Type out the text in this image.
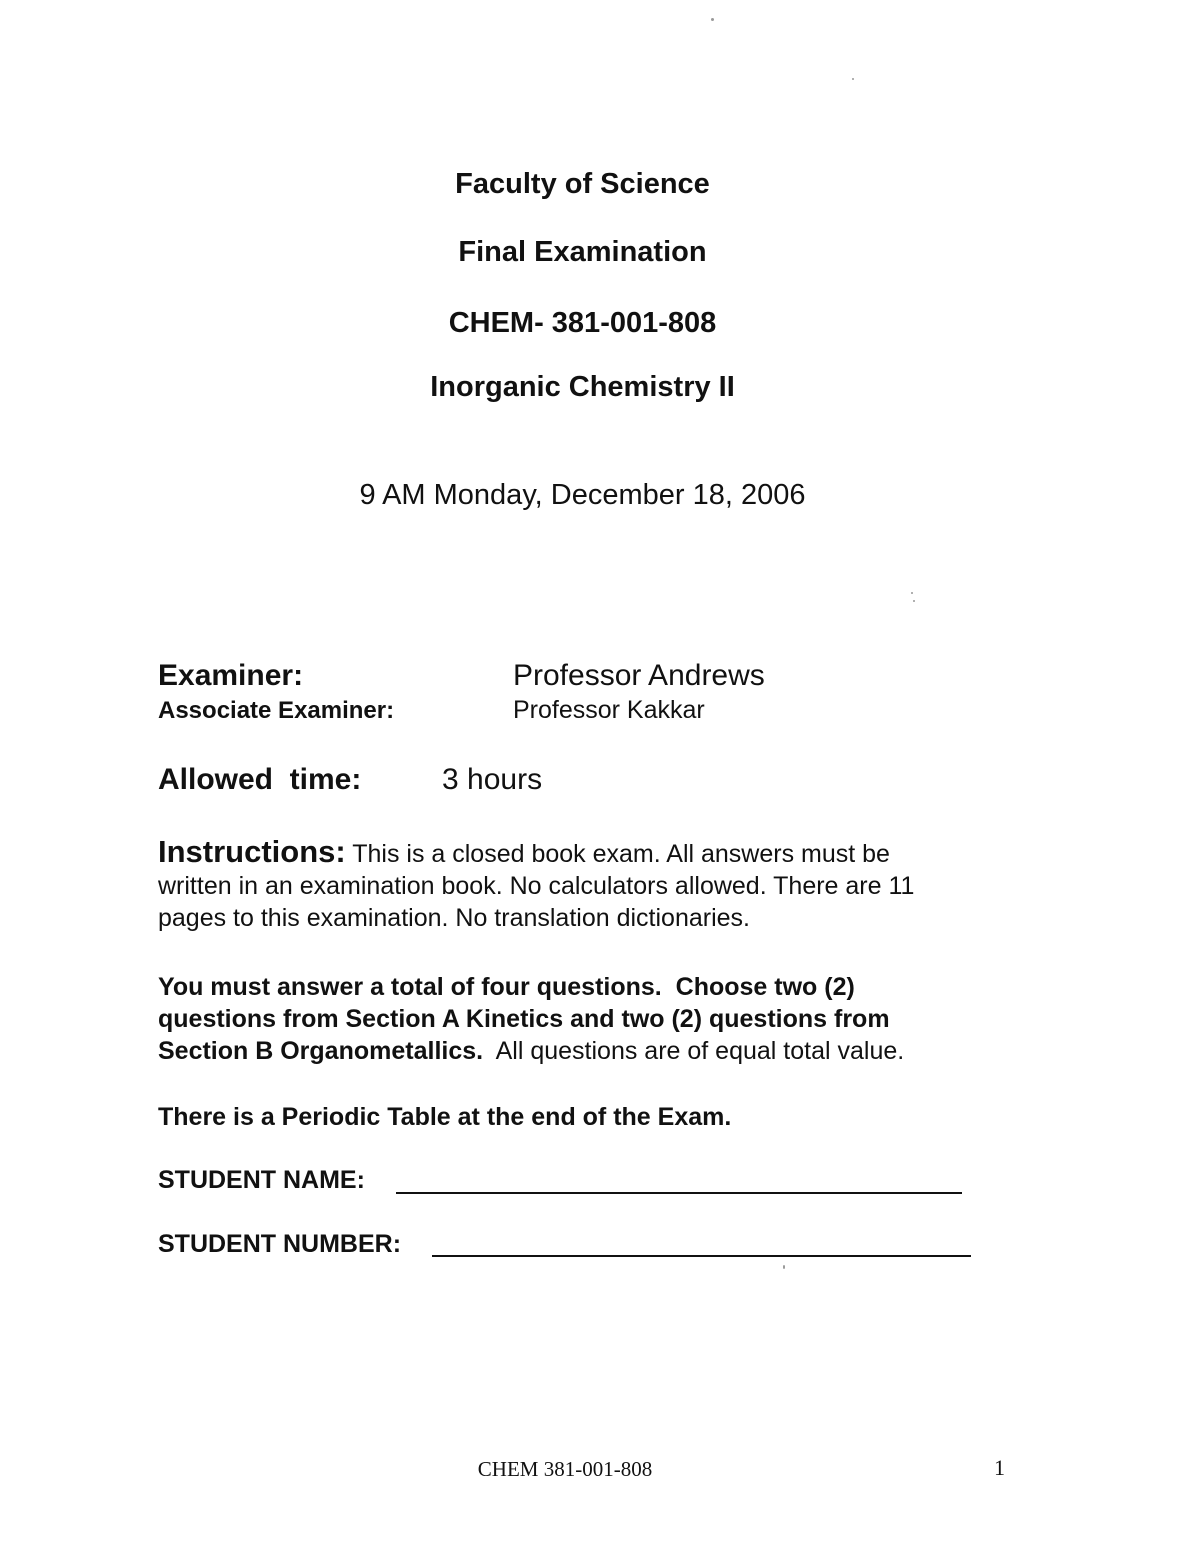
Faculty of Science
Final Examination
CHEM- 381-001-808
Inorganic Chemistry II
9 AM Monday, December 18, 2006
Examiner:	Professor Andrews
Associate Examiner:	Professor Kakkar
Allowed  time:	3 hours
Instructions: This is a closed book exam. All answers must be
written in an examination book. No calculators allowed. There are 11
pages to this examination. No translation dictionaries.
You must answer a total of four questions.  Choose two (2)
questions from Section A Kinetics and two (2) questions from
Section B Organometallics.  All questions are of equal total value.
There is a Periodic Table at the end of the Exam.
STUDENT NAME:
STUDENT NUMBER:
CHEM 381-001-808	1
